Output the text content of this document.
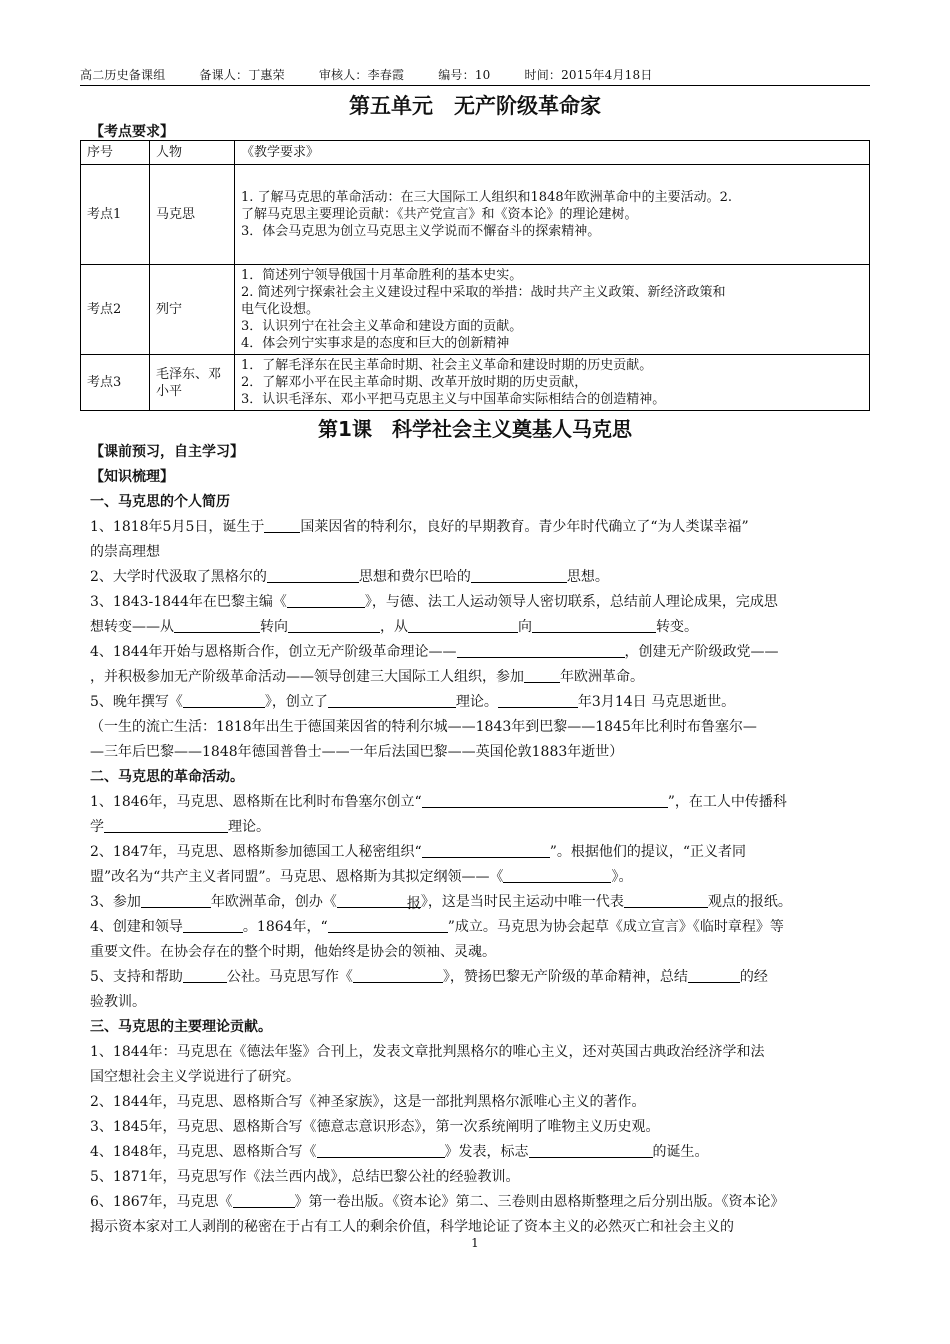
高二历史备课组	备课人：丁惠荣	审核人：李春霞	编号：10	时间：2015年4月18日
第五单元　无产阶级革命家
【考点要求】
序号	人物	《教学要求》
考点1	马克思	1. 了解马克思的革命活动：在三大国际工人组织和1848年欧洲革命中的主要活动。2.
了解马克思主要理论贡献：《共产党宣言》和《资本论》的理论建树。
3．体会马克思为创立马克思主义学说而不懈奋斗的探索精神。

考点2	列宁	1．简述列宁领导俄国十月革命胜利的基本史实。
2. 简述列宁探索社会主义建设过程中采取的举措：战时共产主义政策、新经济政策和
电气化设想。
3．认识列宁在社会主义革命和建设方面的贡献。
4．体会列宁实事求是的态度和巨大的创新精神

考点3	毛泽东、邓小平	1．了解毛泽东在民主革命时期、社会主义革命和建设时期的历史贡献。
2．了解邓小平在民主革命时期、改革开放时期的历史贡献，
3．认识毛泽东、邓小平把马克思主义与中国革命实际相结合的创造精神。
第1课　科学社会主义奠基人马克思
【课前预习，自主学习】
【知识梳理】
一、马克思的个人简历
1、1818年5月5日，诞生于	国莱因省的特利尔，良好的早期教育。青少年时代确立了“为人类谋幸福”
的崇高理想
2、大学时代汲取了黑格尔的	思想和费尔巴哈的	思想。
3、1843-1844年在巴黎主编《	》，与德、法工人运动领导人密切联系，总结前人理论成果，完成思
想转变——从	转向	，从	向	转变。
4、1844年开始与恩格斯合作，创立无产阶级革命理论——	，创建无产阶级政党——
，并积极参加无产阶级革命活动——领导创建三大国际工人组织，参加	年欧洲革命。
5、晚年撰写《	》，创立了	理论。	年3月14日 马克思逝世。
（一生的流亡生活：1818年出生于德国莱因省的特利尔城——1843年到巴黎——1845年比利时布鲁塞尔—
—三年后巴黎——1848年德国普鲁士——一年后法国巴黎——英国伦敦1883年逝世）
二、马克思的革命活动。
1、1846年，马克思、恩格斯在比利时布鲁塞尔创立“	”，在工人中传播科
学	理论。
2、1847年，马克思、恩格斯参加德国工人秘密组织“	”。根据他们的提议，“正义者同
盟”改名为“共产主义者同盟”。马克思、恩格斯为其拟定纲领——《	》。
3、参加	年欧洲革命，创办《	报》，这是当时民主运动中唯一代表	观点的报纸。
4、创建和领导	。1864年，“	”成立。马克思为协会起草《成立宣言》《临时章程》等
重要文件。在协会存在的整个时期，他始终是协会的领袖、灵魂。
5、支持和帮助	公社。马克思写作《	》，赞扬巴黎无产阶级的革命精神，总结	的经
验教训。
三、马克思的主要理论贡献。
1、1844年：马克思在《德法年鉴》合刊上，发表文章批判黑格尔的唯心主义，还对英国古典政治经济学和法
国空想社会主义学说进行了研究。
2、1844年，马克思、恩格斯合写《神圣家族》，这是一部批判黑格尔派唯心主义的著作。
3、1845年，马克思、恩格斯合写《德意志意识形态》，第一次系统阐明了唯物主义历史观。
4、1848年，马克思、恩格斯合写《	》发表，标志	的诞生。
5、1871年，马克思写作《法兰西内战》，总结巴黎公社的经验教训。
6、1867年，马克思《	》第一卷出版。《资本论》第二、三卷则由恩格斯整理之后分别出版。《资本论》
揭示资本家对工人剥削的秘密在于占有工人的剩余价值，科学地论证了资本主义的必然灭亡和社会主义的
1
